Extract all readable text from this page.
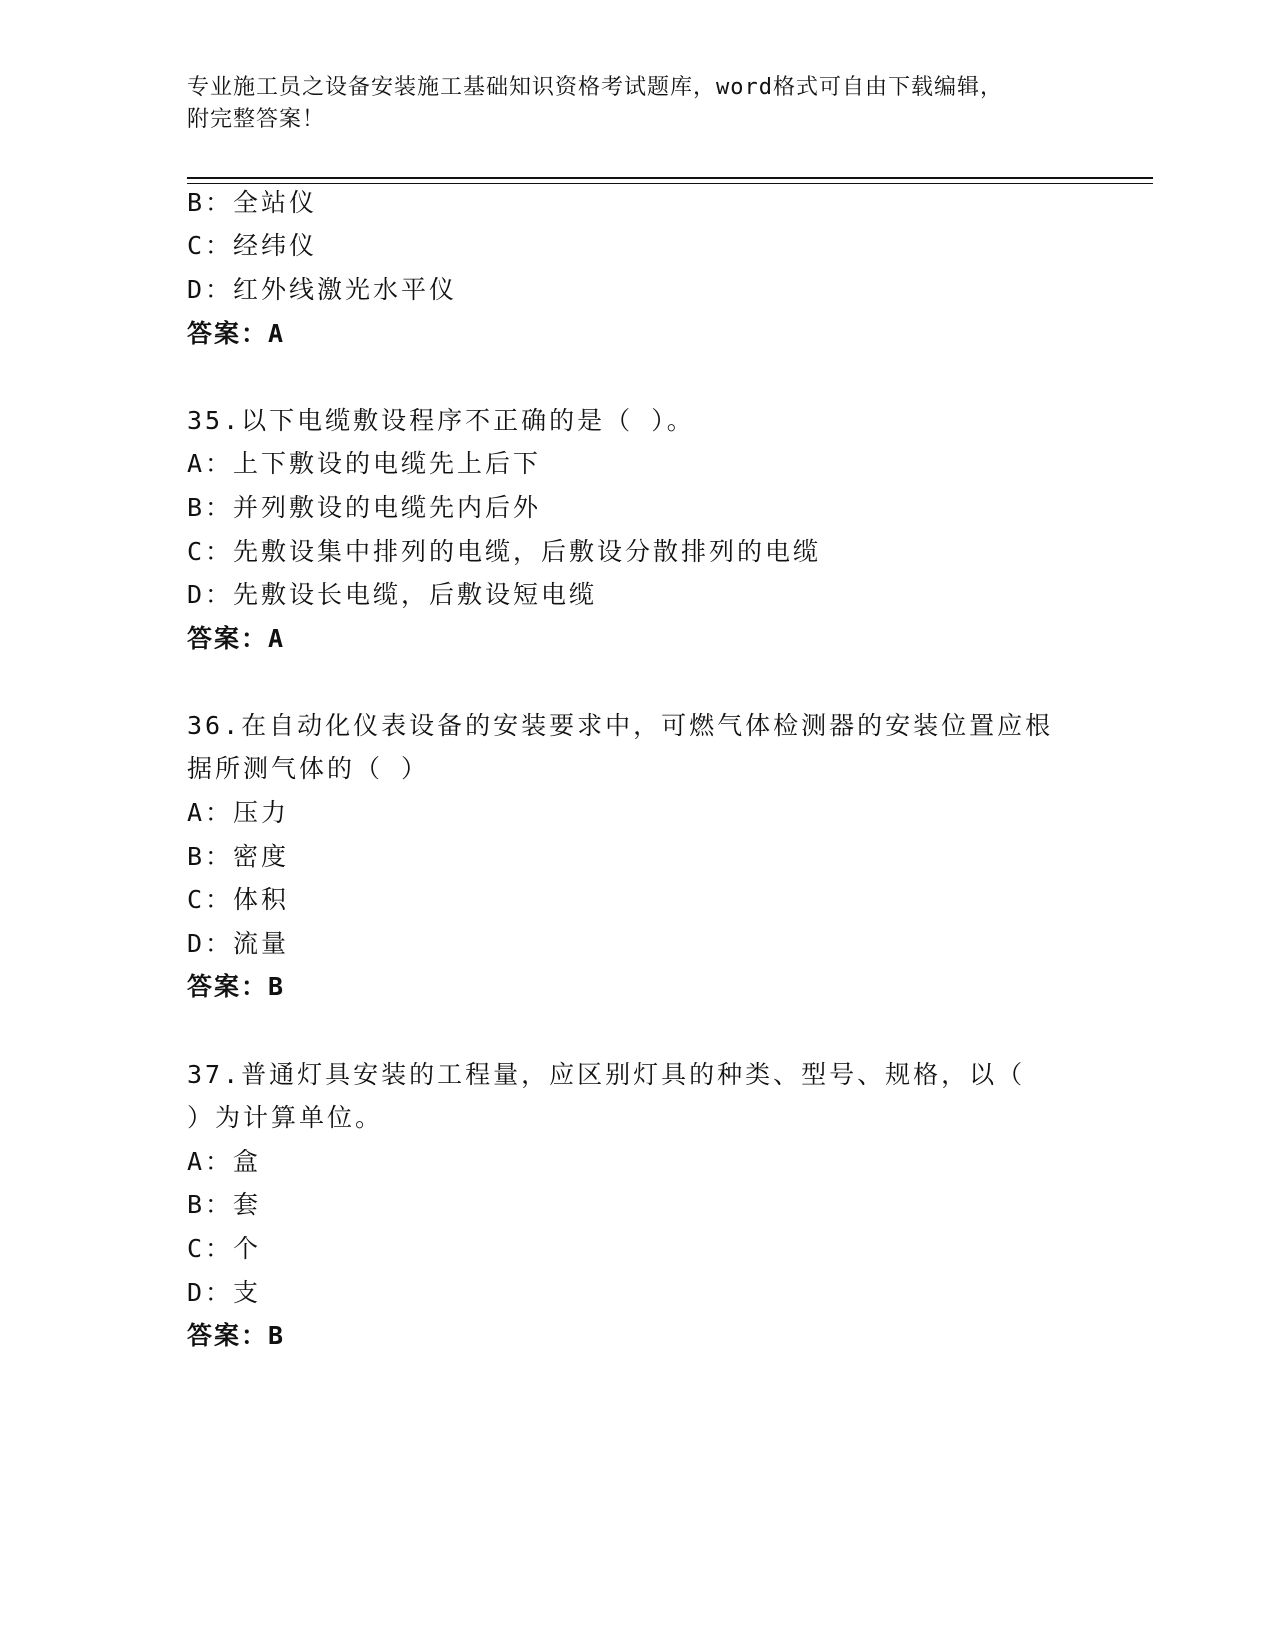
专业施工员之设备安装施工基础知识资格考试题库，word格式可自由下载编辑，
附完整答案！
B：全站仪
C：经纬仪
D：红外线激光水平仪
答案：A
35.以下电缆敷设程序不正确的是（ ）。
A：上下敷设的电缆先上后下
B：并列敷设的电缆先内后外
C：先敷设集中排列的电缆，后敷设分散排列的电缆
D：先敷设长电缆，后敷设短电缆
答案：A
36.在自动化仪表设备的安装要求中，可燃气体检测器的安装位置应根
据所测气体的（ ）
A：压力
B：密度
C：体积
D：流量
答案：B
37.普通灯具安装的工程量，应区别灯具的种类、型号、规格，以（
）为计算单位。
A：盒
B：套
C：个
D：支
答案：B
